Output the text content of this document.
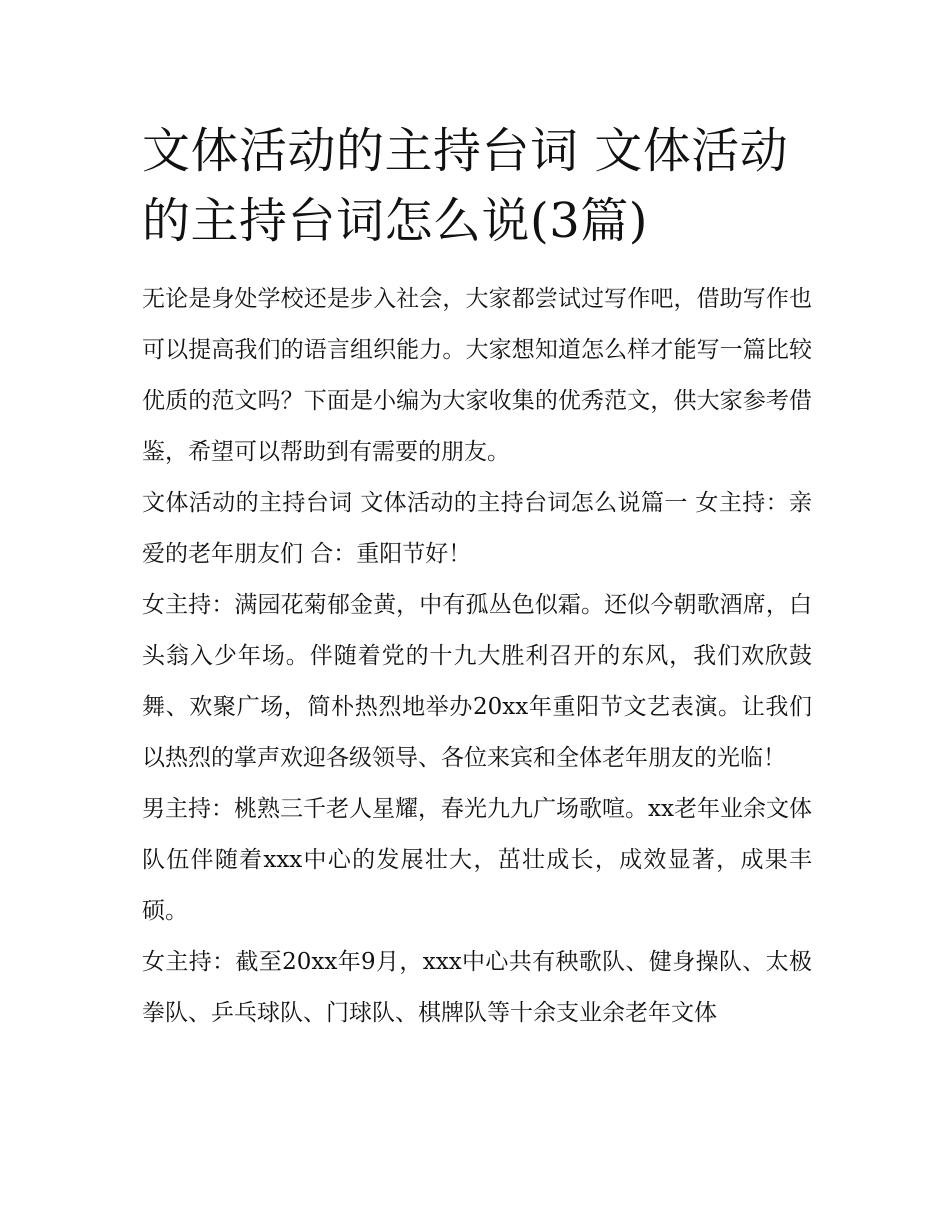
文体活动的主持台词 文体活动的主持台词怎么说(3篇)

无论是身处学校还是步入社会，大家都尝试过写作吧，借助写作也可以提高我们的语言组织能力。大家想知道怎么样才能写一篇比较优质的范文吗？下面是小编为大家收集的优秀范文，供大家参考借鉴，希望可以帮助到有需要的朋友。

文体活动的主持台词 文体活动的主持台词怎么说篇一 女主持：亲爱的老年朋友们 合：重阳节好！

女主持：满园花菊郁金黄，中有孤丛色似霜。还似今朝歌酒席，白头翁入少年场。伴随着党的十九大胜利召开的东风，我们欢欣鼓舞、欢聚广场，简朴热烈地举办20xx年重阳节文艺表演。让我们以热烈的掌声欢迎各级领导、各位来宾和全体老年朋友的光临！

男主持：桃熟三千老人星耀，春光九九广场歌喧。xx老年业余文体队伍伴随着xxx中心的发展壮大，茁壮成长，成效显著，成果丰硕。

女主持：截至20xx年9月，xxx中心共有秧歌队、健身操队、太极拳队、乒乓球队、门球队、棋牌队等十余支业余老年文体
